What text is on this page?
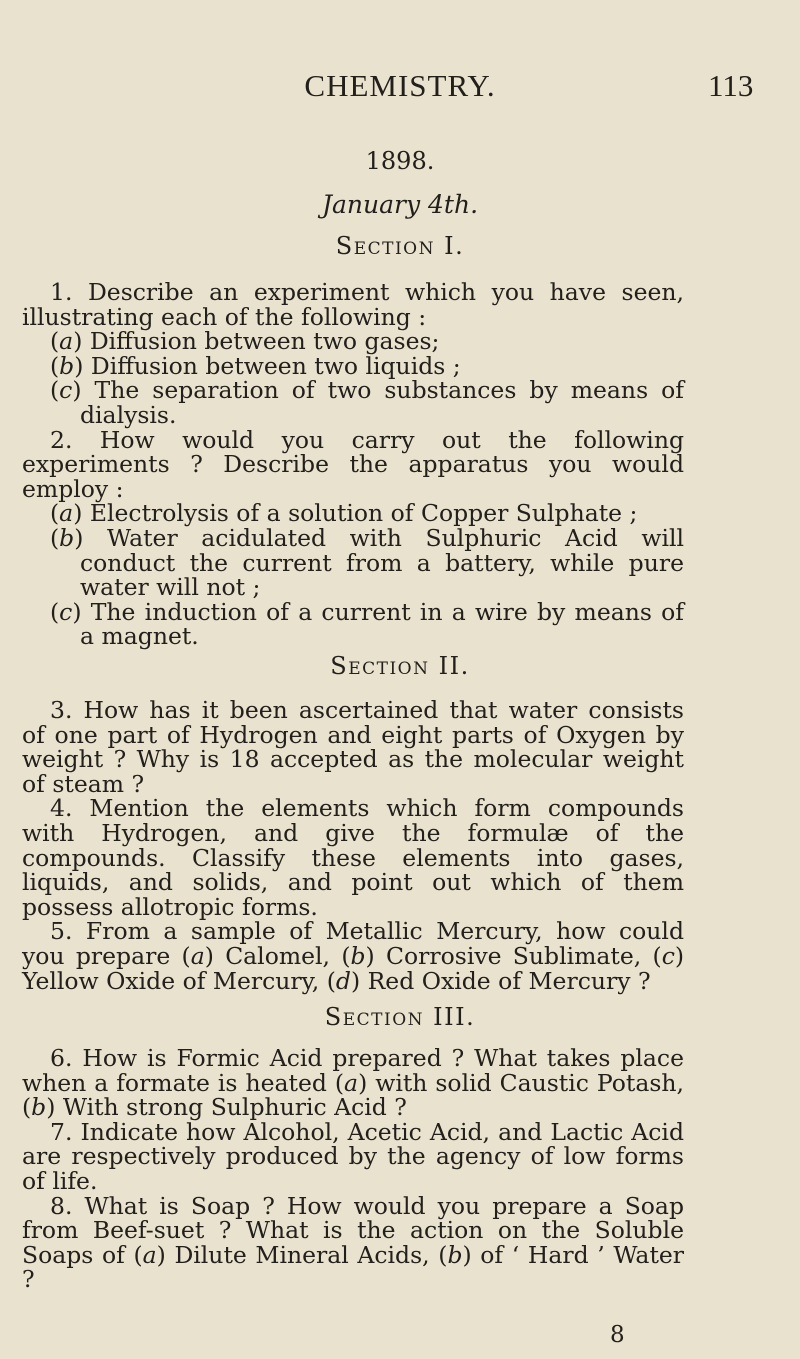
CHEMISTRY.	113
1898.
January 4th.
Section I.

1. Describe an experiment which you have seen, illustrating each of the following :

(a) Diffusion between two gases;

(b) Diffusion between two liquids ;

(c) The separation of two substances by means of dialysis.

2. How would you carry out the following experiments ? Describe the apparatus you would employ :

(a) Electrolysis of a solution of Copper Sulphate ;

(b) Water acidulated with Sulphuric Acid will conduct the current from a battery, while pure water will not ;

(c) The induction of a current in a wire by means of a magnet.

Section II.

3. How has it been ascertained that water consists of one part of Hydrogen and eight parts of Oxygen by weight ? Why is 18 accepted as the molecular weight of steam ?

4. Mention the elements which form compounds with Hydrogen, and give the formulæ of the compounds. Classify these elements into gases, liquids, and solids, and point out which of them possess allotropic forms.

5. From a sample of Metallic Mercury, how could you prepare (a) Calomel, (b) Corrosive Sublimate, (c) Yellow Oxide of Mercury, (d) Red Oxide of Mercury ?

Section III.

6. How is Formic Acid prepared ? What takes place when a formate is heated (a) with solid Caustic Potash, (b) With strong Sulphuric Acid ?

7. Indicate how Alcohol, Acetic Acid, and Lactic Acid are respectively produced by the agency of low forms of life.

8. What is Soap ? How would you prepare a Soap from Beef-suet ? What is the action on the Soluble Soaps of (a) Dilute Mineral Acids, (b) of ‘ Hard ’ Water ?

8
